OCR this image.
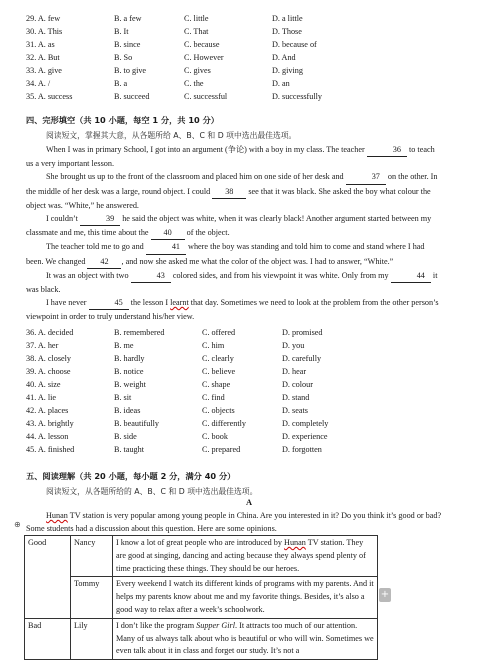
29. A. few	B. a few	C. little	D. a little
30. A. This	B. It	C. That	D. Those
31. A. as	B. since	C. because	D. because of
32. A. But	B. So	C. However	D. And
33. A. give	B. to give	C. gives	D. giving
34. A. /	B. a	C. the	D. an
35. A. success	B. succeed	C. successful	D. successfully
四、完形填空（共 10 小题，每空 1 分，共 10 分）
阅读短文，掌握其大意，从各题所给 A、B、C 和 D 项中选出最佳选项。

When I was in primary School, I got into an argument (争论) with a boy in my class. The teacher	36 to teach

us a very important lesson.

She brought us up to the front of the classroom and placed him on one side of her desk and	37 on the other. In

the middle of her desk was a large, round object. I could 38 see that it was black. She asked the boy what colour the

object was. “White,” he answered.

I couldn’t	39 he said the object was white, when it was clearly black! Another argument started between my

classmate and me, this time about the 40 of the object.

The teacher told me to go and	41 where the boy was standing and told him to come and stand where I had

been. We changed 42 , and now she asked me what the color of the object was. I had to answer, “White.”

It was an object with two	43 colored sides, and from his viewpoint it was white. Only from my	44 it

was black.

I have never	45 the lesson I learnt that day. Sometimes we need to look at the problem from the other person’s

viewpoint in order to truly understand his/her view.

36. A. decided	B. remembered	C. offered	D. promised
37. A. her	B. me	C. him	D. you
38. A. closely	B. hardly	C. clearly	D. carefully
39. A. choose	B. notice	C. believe	D. hear
40. A. size	B. weight	C. shape	D. colour
41. A. lie	B. sit	C. find	D. stand
42. A. places	B. ideas	C. objects	D. seats
43. A. brightly	B. beautifully	C. differently	D. completely
44. A. lesson	B. side	C. book	D. experience
45. A. finished	B. taught	C. prepared	D. forgotten
五、阅读理解（共 20 小题，每小题 2 分，满分 40 分）
阅读短文，从各题所给的 A、B、C 和 D 项中选出最佳选项。
A

Hunan TV station is very popular among young people in China. Are you interested in it? Do you think it’s good or bad?

Some students had a discussion about this question. Here are some opinions.

⊕
Good	Nancy	I know a lot of great people who are introduced by Hunan TV station. They are good at singing, dancing and acting because they always spend plenty of time practicing these things. They should be our heroes.
	Tommy	Every weekend I watch its different kinds of programs with my parents. And it helps my parents know about me and my favorite things. Besides, it’s also a good way to relax after a week’s schoolwork.
Bad	Lily	I don’t like the program Supper Girl. It attracts too much of our attention. Many of us always talk about who is beautiful or who will win. Sometimes we even talk about it in class and forget our study. It’s not a
+
